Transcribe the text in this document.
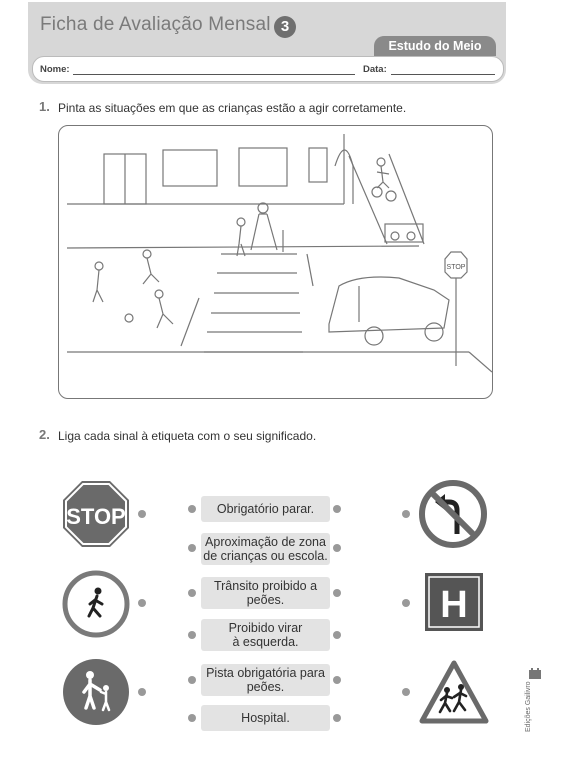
Ficha de Avaliação Mensal 3
Estudo do Meio
Nome:	Data:
1. Pinta as situações em que as crianças estão a agir corretamente.
STOP
2. Liga cada sinal à etiqueta com o seu significado.
STOP	Obrigatório parar.
Aproximação de zona
de crianças ou escola.
Trânsito proibido a
peões.
Proibido virar
à esquerda.
Pista obrigatória para
peões.
Hospital.
H
Edições Gailivro
